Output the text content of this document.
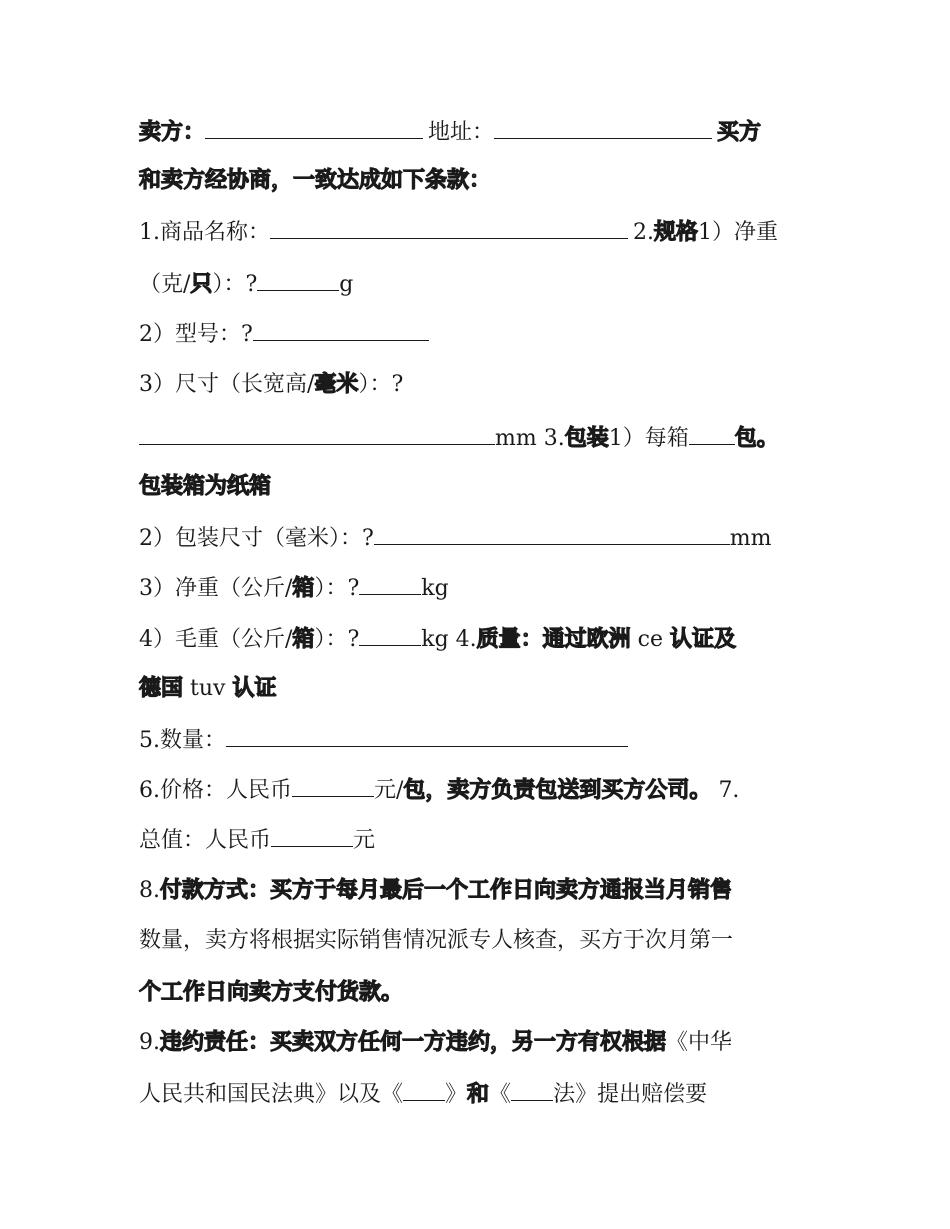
卖方：	地址：	买方
和卖方经协商，一致达成如下条款：
1.商品名称：	2.规格1）净重
（克/只）：?	g
2）型号：?
3）尺寸（长宽高/毫米）：?
mm 3.包装1）每箱 包。
包装箱为纸箱
2）包装尺寸（毫米）：?	mm
3）净重（公斤/箱）：?	kg
4）毛重（公斤/箱）：?	kg 4.质量：通过欧洲 ce 认证及
德国 tuv 认证
5.数量：
6.价格：人民币	元/包，卖方负责包送到买方公司。 7.
总值：人民币	元
8.付款方式：买方于每月最后一个工作日向卖方通报当月销售
数量，卖方将根据实际销售情况派专人核查，买方于次月第一
个工作日向卖方支付货款。
9.违约责任：买卖双方任何一方违约，另一方有权根据《中华
人民共和国民法典》以及《 》和《 法》提出赔偿要
